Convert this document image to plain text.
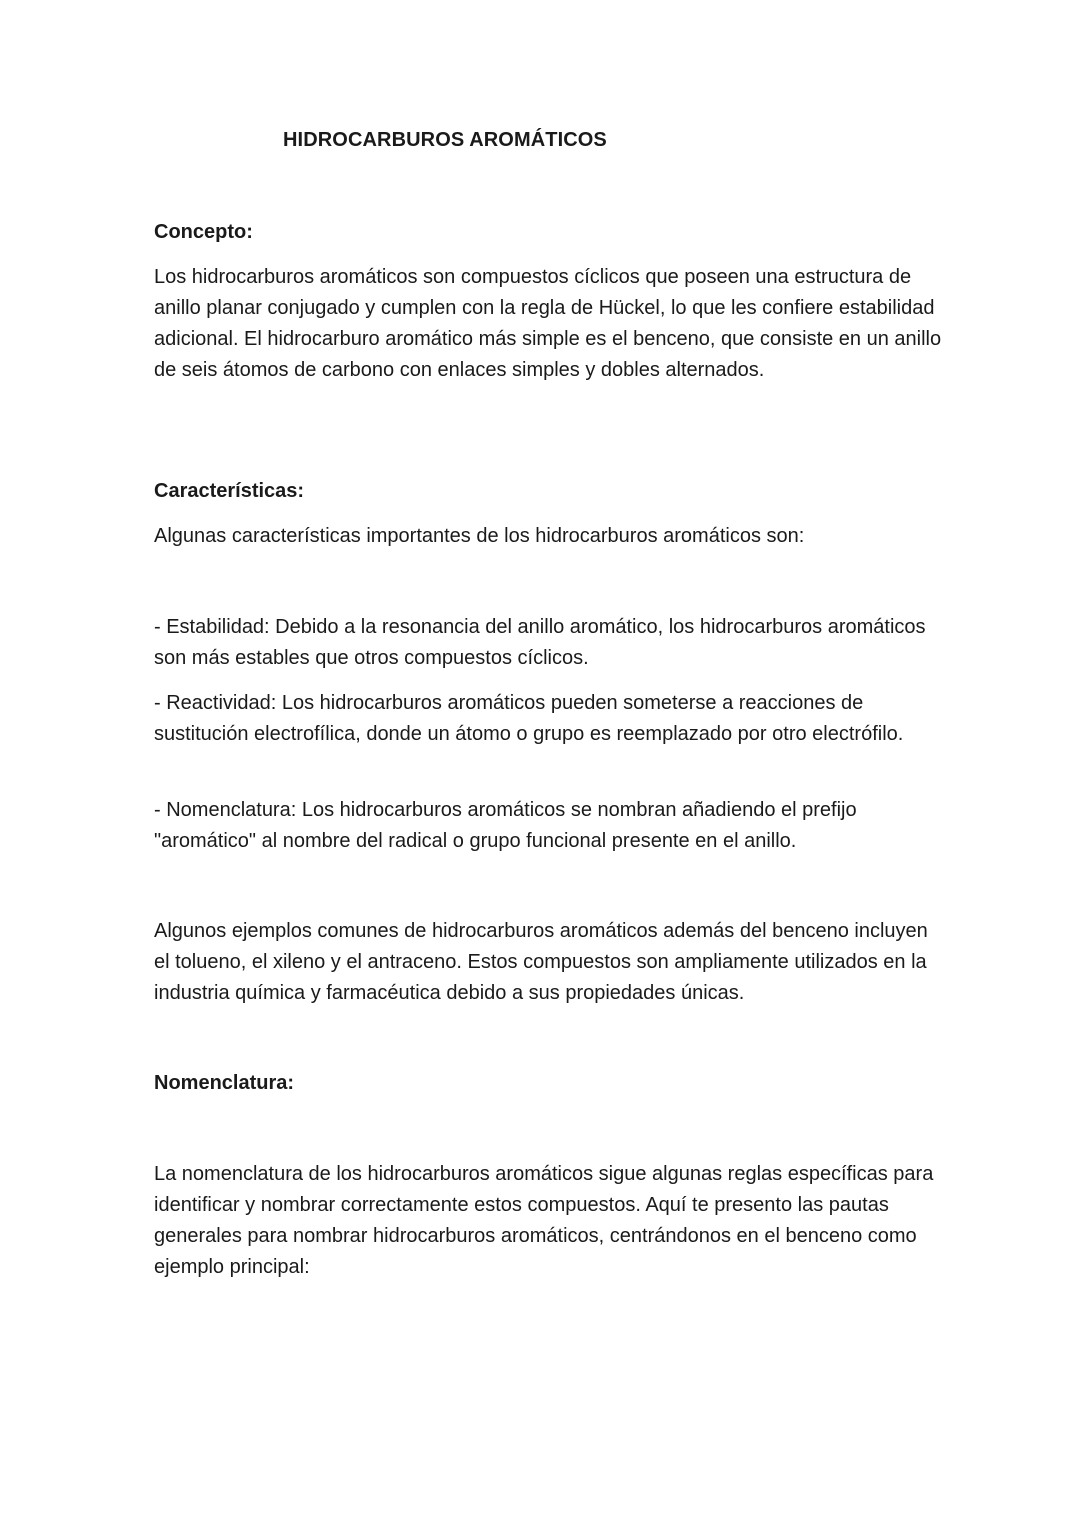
HIDROCARBUROS AROMÁTICOS

Concepto:

Los hidrocarburos aromáticos son compuestos cíclicos que poseen una estructura de anillo planar conjugado y cumplen con la regla de Hückel, lo que les confiere estabilidad adicional. El hidrocarburo aromático más simple es el benceno, que consiste en un anillo de seis átomos de carbono con enlaces simples y dobles alternados.

Características:

Algunas características importantes de los hidrocarburos aromáticos son:

- Estabilidad: Debido a la resonancia del anillo aromático, los hidrocarburos aromáticos son más estables que otros compuestos cíclicos.

- Reactividad: Los hidrocarburos aromáticos pueden someterse a reacciones de sustitución electrofílica, donde un átomo o grupo es reemplazado por otro electrófilo.

- Nomenclatura: Los hidrocarburos aromáticos se nombran añadiendo el prefijo "aromático" al nombre del radical o grupo funcional presente en el anillo.

Algunos ejemplos comunes de hidrocarburos aromáticos además del benceno incluyen el tolueno, el xileno y el antraceno. Estos compuestos son ampliamente utilizados en la industria química y farmacéutica debido a sus propiedades únicas.

Nomenclatura:

La nomenclatura de los hidrocarburos aromáticos sigue algunas reglas específicas para identificar y nombrar correctamente estos compuestos. Aquí te presento las pautas generales para nombrar hidrocarburos aromáticos, centrándonos en el benceno como ejemplo principal:
